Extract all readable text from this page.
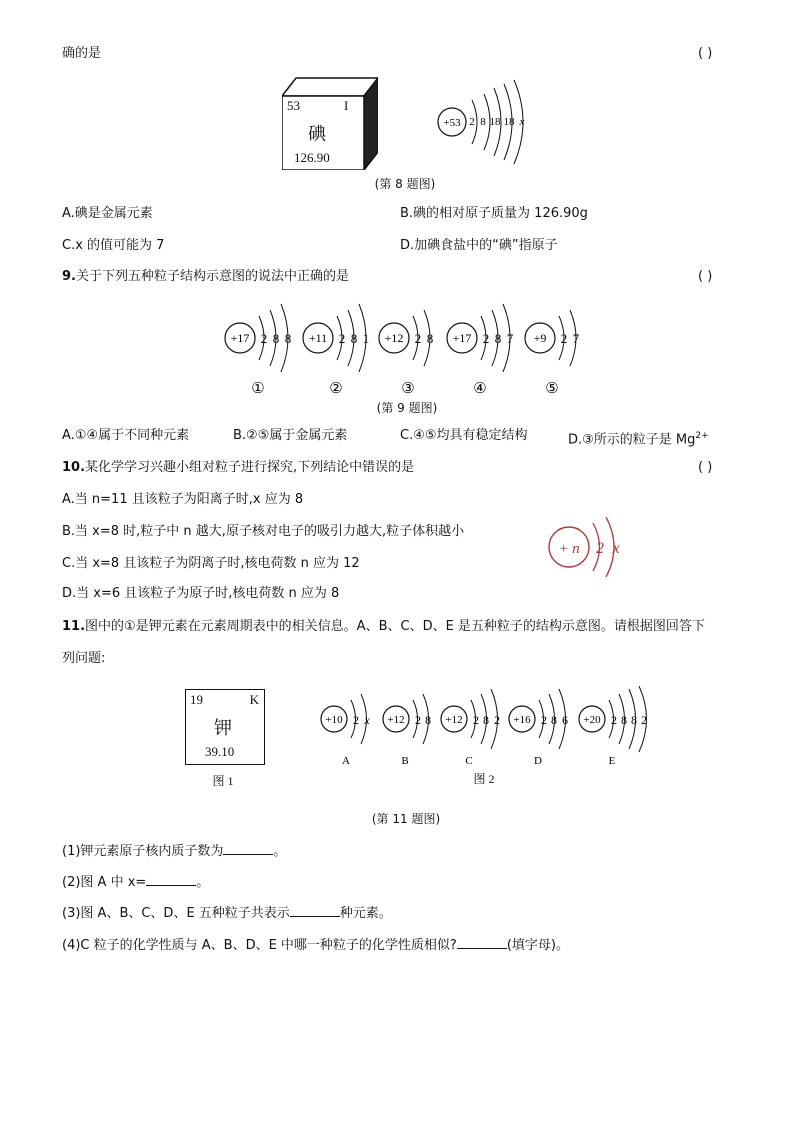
确的是	( )
53	I
碘
126.90
+53 2 8 18 18 x
(第 8 题图)
A.碘是金属元素	B.碘的相对原子质量为 126.90g
C.x 的值可能为 7	D.加碘食盐中的“碘”指原子
9.关于下列五种粒子结构示意图的说法中正确的是	( )
+17 2 8 8
①
+11 2 8 1
②
+12 2 8
③
+17 2 8 7
④
+9 2 7
⑤
(第 9 题图)
A.①④属于不同种元素	B.②⑤属于金属元素	C.④⑤均具有稳定结构	D.③所示的粒子是 $Mg^{2+}$
10.某化学学习兴趣小组对粒子进行探究,下列结论中错误的是	( )
A.当 n=11 且该粒子为阳离子时,x 应为 8
B.当 x=8 时,粒子中 n 越大,原子核对电子的吸引力越大,粒子体积越小
C.当 x=8 且该粒子为阴离子时,核电荷数 n 应为 12
D.当 x=6 且该粒子为原子时,核电荷数 n 应为 8
+ n 2 x
11.图中的①是钾元素在元素周期表中的相关信息。A、B、C、D、E 是五种粒子的结构示意图。请根据图回答下
列问题:
19	K
钾
39.10
图 1
+10 2 x
A
+12 2 8
B
+12 2 8 2
C
+16 2 8 6
D
+20 2 8 8 2
E
图 2
(第 11 题图)
(1)钾元素原子核内质子数为	。
(2)图 A 中 x=	。
(3)图 A、B、C、D、E 五种粒子共表示	种元素。
(4)C 粒子的化学性质与 A、B、D、E 中哪一种粒子的化学性质相似?	(填字母)。
